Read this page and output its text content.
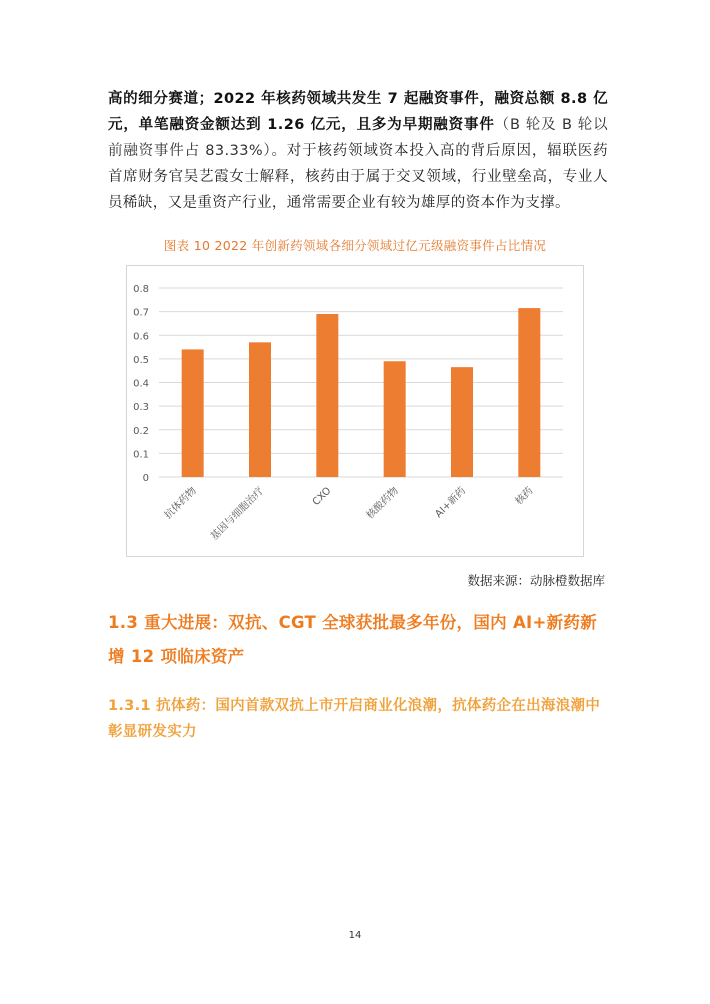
高的细分赛道；2022 年核药领域共发生 7 起融资事件，融资总额 8.8 亿元，单笔融资金额达到 1.26 亿元，且多为早期融资事件（B 轮及 B 轮以前融资事件占 83.33%）。对于核药领域资本投入高的背后原因，辐联医药首席财务官吴艺霞女士解释，核药由于属于交叉领域，行业壁垒高，专业人员稀缺，又是重资产行业，通常需要企业有较为雄厚的资本作为支撑。
图表 10 2022 年创新药领域各细分领域过亿元级融资事件占比情况
0
0.1
0.2
0.3
0.4
0.5
0.6
0.7
0.8
抗体药物 基因与细胞治疗	CXO	核酸药物	AI+新药	核药
数据来源：动脉橙数据库
1.3 重大进展：双抗、CGT 全球获批最多年份，国内 AI+新药新增 12 项临床资产
1.3.1 抗体药：国内首款双抗上市开启商业化浪潮，抗体药企在出海浪潮中彰显研发实力
14
